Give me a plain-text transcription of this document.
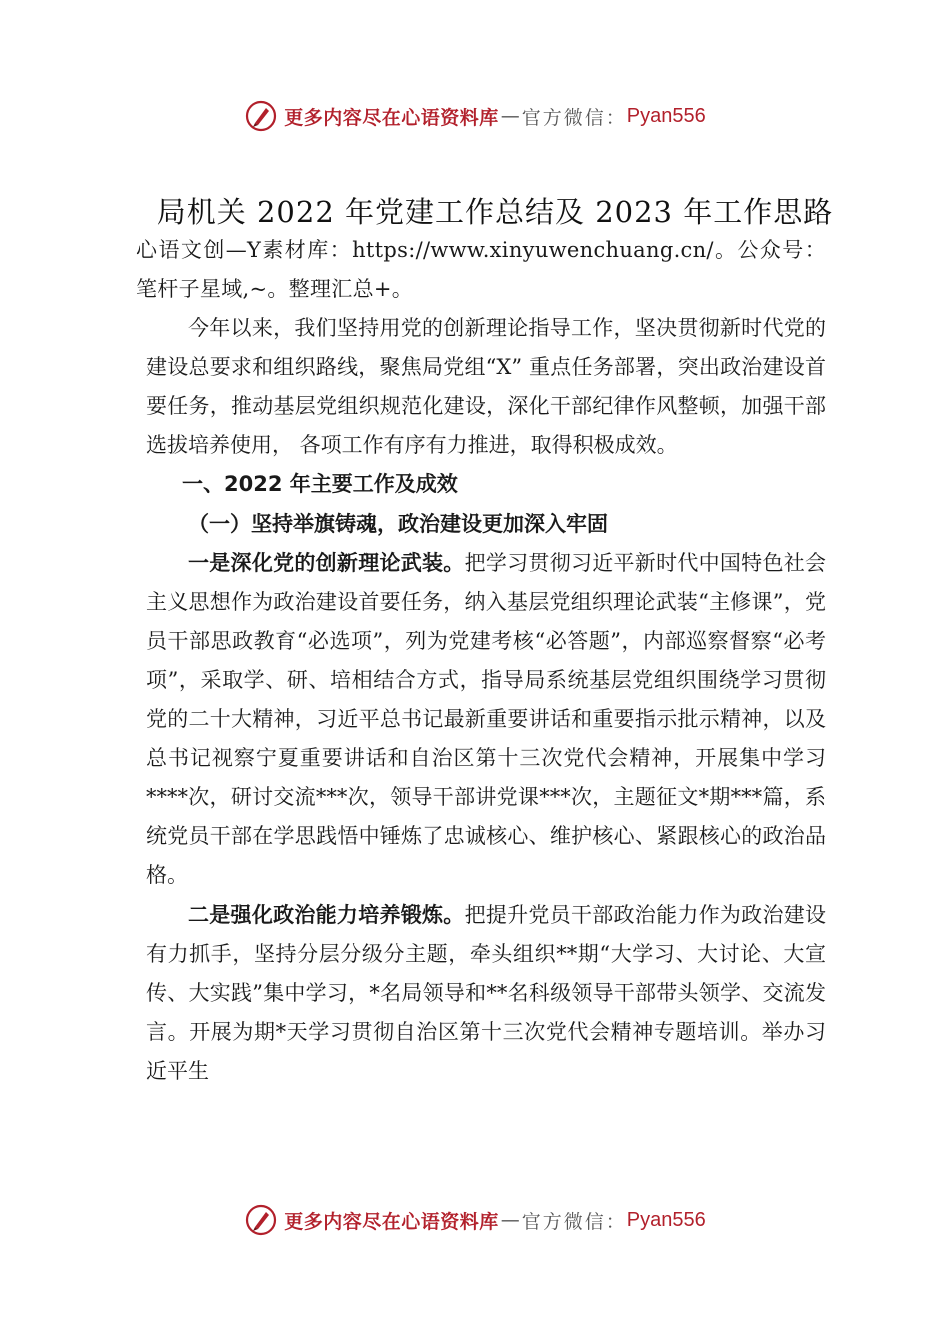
更多内容尽在心语资料库 — 官方微信： Pyan556
局机关 2022 年党建工作总结及 2023 年工作思路

心语文创—Y素材库：https://www.xinyuwenchuang.cn/。公众号：笔杆子星域,~。整理汇总+。

今年以来，我们坚持用党的创新理论指导工作，坚决贯彻新时代党的建设总要求和组织路线，聚焦局党组“X” 重点任务部署，突出政治建设首要任务，推动基层党组织规范化建设，深化干部纪律作风整顿，加强干部选拔培养使用， 各项工作有序有力推进，取得积极成效。

一、2022 年主要工作及成效

（一）坚持举旗铸魂，政治建设更加深入牢固

一是深化党的创新理论武装。把学习贯彻习近平新时代中国特色社会主义思想作为政治建设首要任务，纳入基层党组织理论武装“主修课”，党员干部思政教育“必选项”，列为党建考核“必答题”，内部巡察督察“必考项”，采取学、研、培相结合方式，指导局系统基层党组织围绕学习贯彻党的二十大精神，习近平总书记最新重要讲话和重要指示批示精神，以及总书记视察宁夏重要讲话和自治区第十三次党代会精神，开展集中学习****次，研讨交流***次，领导干部讲党课***次，主题征文*期***篇，系统党员干部在学思践悟中锤炼了忠诚核心、维护核心、紧跟核心的政治品格。

二是强化政治能力培养锻炼。把提升党员干部政治能力作为政治建设有力抓手，坚持分层分级分主题，牵头组织**期“大学习、大讨论、大宣传、大实践”集中学习，*名局领导和**名科级领导干部带头领学、交流发言。开展为期*天学习贯彻自治区第十三次党代会精神专题培训。举办习近平生

更多内容尽在心语资料库 — 官方微信： Pyan556
